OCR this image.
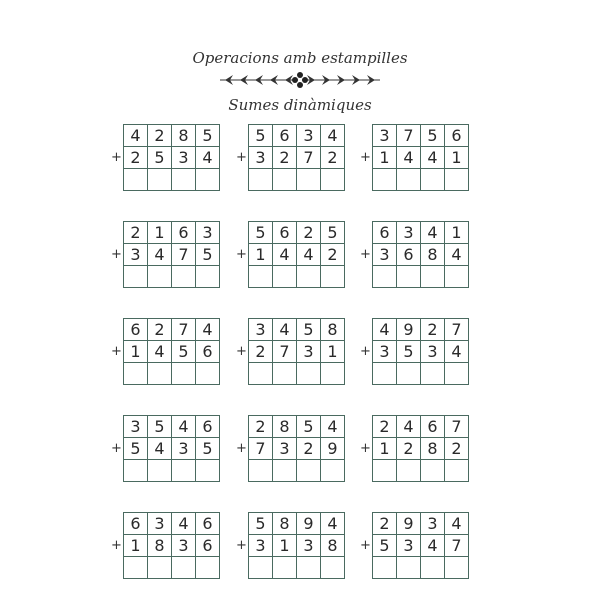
Operacions amb estampilles
Sumes dinàmiques
+
4 2 8 5
2 5 3 4	+
5 6 3 4
3 2 7 2	+
3 7 5 6
1 4 4 1
+
2 1 6 3
3 4 7 5	+
5 6 2 5
1 4 4 2	+
6 3 4 1
3 6 8 4
+
6 2 7 4
1 4 5 6	+
3 4 5 8
2 7 3 1	+
4 9 2 7
3 5 3 4
+
3 5 4 6
5 4 3 5	+
2 8 5 4
7 3 2 9	+
2 4 6 7
1 2 8 2
+
6 3 4 6
1 8 3 6	+
5 8 9 4
3 1 3 8	+
2 9 3 4
5 3 4 7
